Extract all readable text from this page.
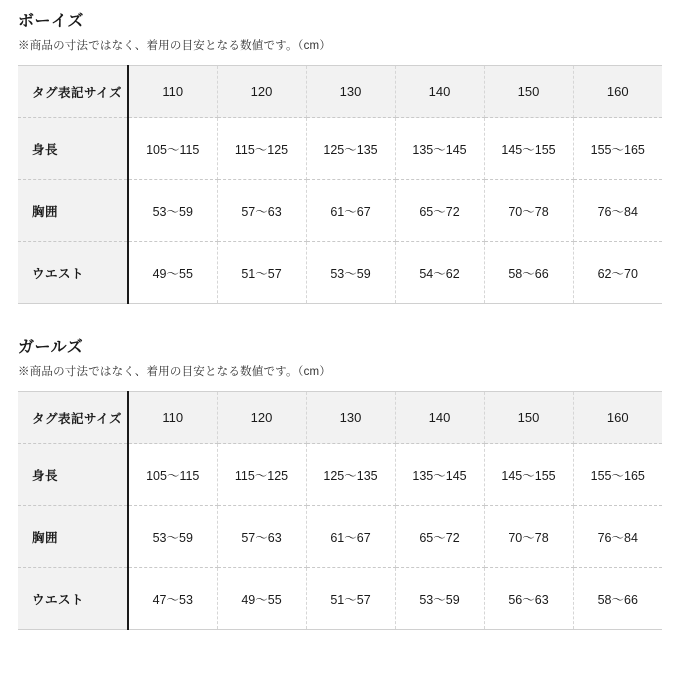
ボーイズ

※商品の寸法ではなく、着用の目安となる数値です。（cm）

タグ表記サイズ	110	120	130	140	150	160
身長	105〜115	115〜125	125〜135	135〜145	145〜155	155〜165
胸囲	53〜59	57〜63	61〜67	65〜72	70〜78	76〜84
ウエスト	49〜55	51〜57	53〜59	54〜62	58〜66	62〜70
ガールズ

※商品の寸法ではなく、着用の目安となる数値です。（cm）

タグ表記サイズ	110	120	130	140	150	160
身長	105〜115	115〜125	125〜135	135〜145	145〜155	155〜165
胸囲	53〜59	57〜63	61〜67	65〜72	70〜78	76〜84
ウエスト	47〜53	49〜55	51〜57	53〜59	56〜63	58〜66
